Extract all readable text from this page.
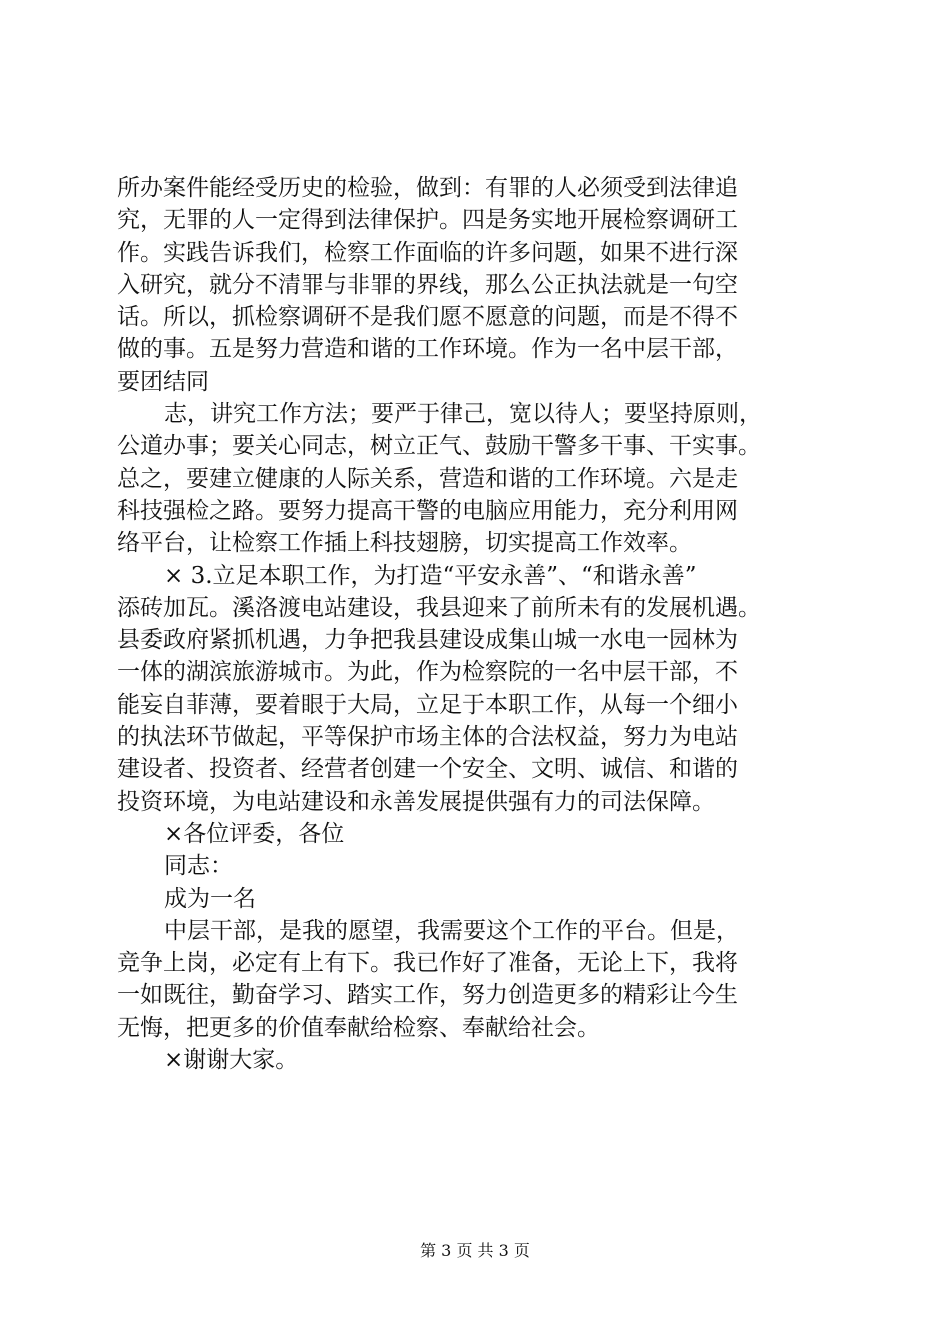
所办案件能经受历史的检验，做到：有罪的人必须受到法律追
究，无罪的人一定得到法律保护。四是务实地开展检察调研工
作。实践告诉我们，检察工作面临的许多问题，如果不进行深
入研究，就分不清罪与非罪的界线，那么公正执法就是一句空
话。所以，抓检察调研不是我们愿不愿意的问题，而是不得不
做的事。五是努力营造和谐的工作环境。作为一名中层干部，
要团结同
志，讲究工作方法；要严于律己，宽以待人；要坚持原则，
公道办事；要关心同志，树立正气、鼓励干警多干事、干实事。
总之，要建立健康的人际关系，营造和谐的工作环境。六是走
科技强检之路。要努力提高干警的电脑应用能力，充分利用网
络平台，让检察工作插上科技翅膀，切实提高工作效率。
× 3.立足本职工作，为打造“平安永善”、“和谐永善”
添砖加瓦。溪洛渡电站建设，我县迎来了前所未有的发展机遇。
县委政府紧抓机遇，力争把我县建设成集山城一水电一园林为
一体的湖滨旅游城市。为此，作为检察院的一名中层干部，不
能妄自菲薄，要着眼于大局，立足于本职工作，从每一个细小
的执法环节做起，平等保护市场主体的合法权益，努力为电站
建设者、投资者、经营者创建一个安全、文明、诚信、和谐的
投资环境，为电站建设和永善发展提供强有力的司法保障。
×各位评委，各位
同志：
成为一名
中层干部，是我的愿望，我需要这个工作的平台。但是，
竞争上岗，必定有上有下。我已作好了准备，无论上下，我将
一如既往，勤奋学习、踏实工作，努力创造更多的精彩让今生
无悔，把更多的价值奉献给检察、奉献给社会。
×谢谢大家。
第 3 页 共 3 页
